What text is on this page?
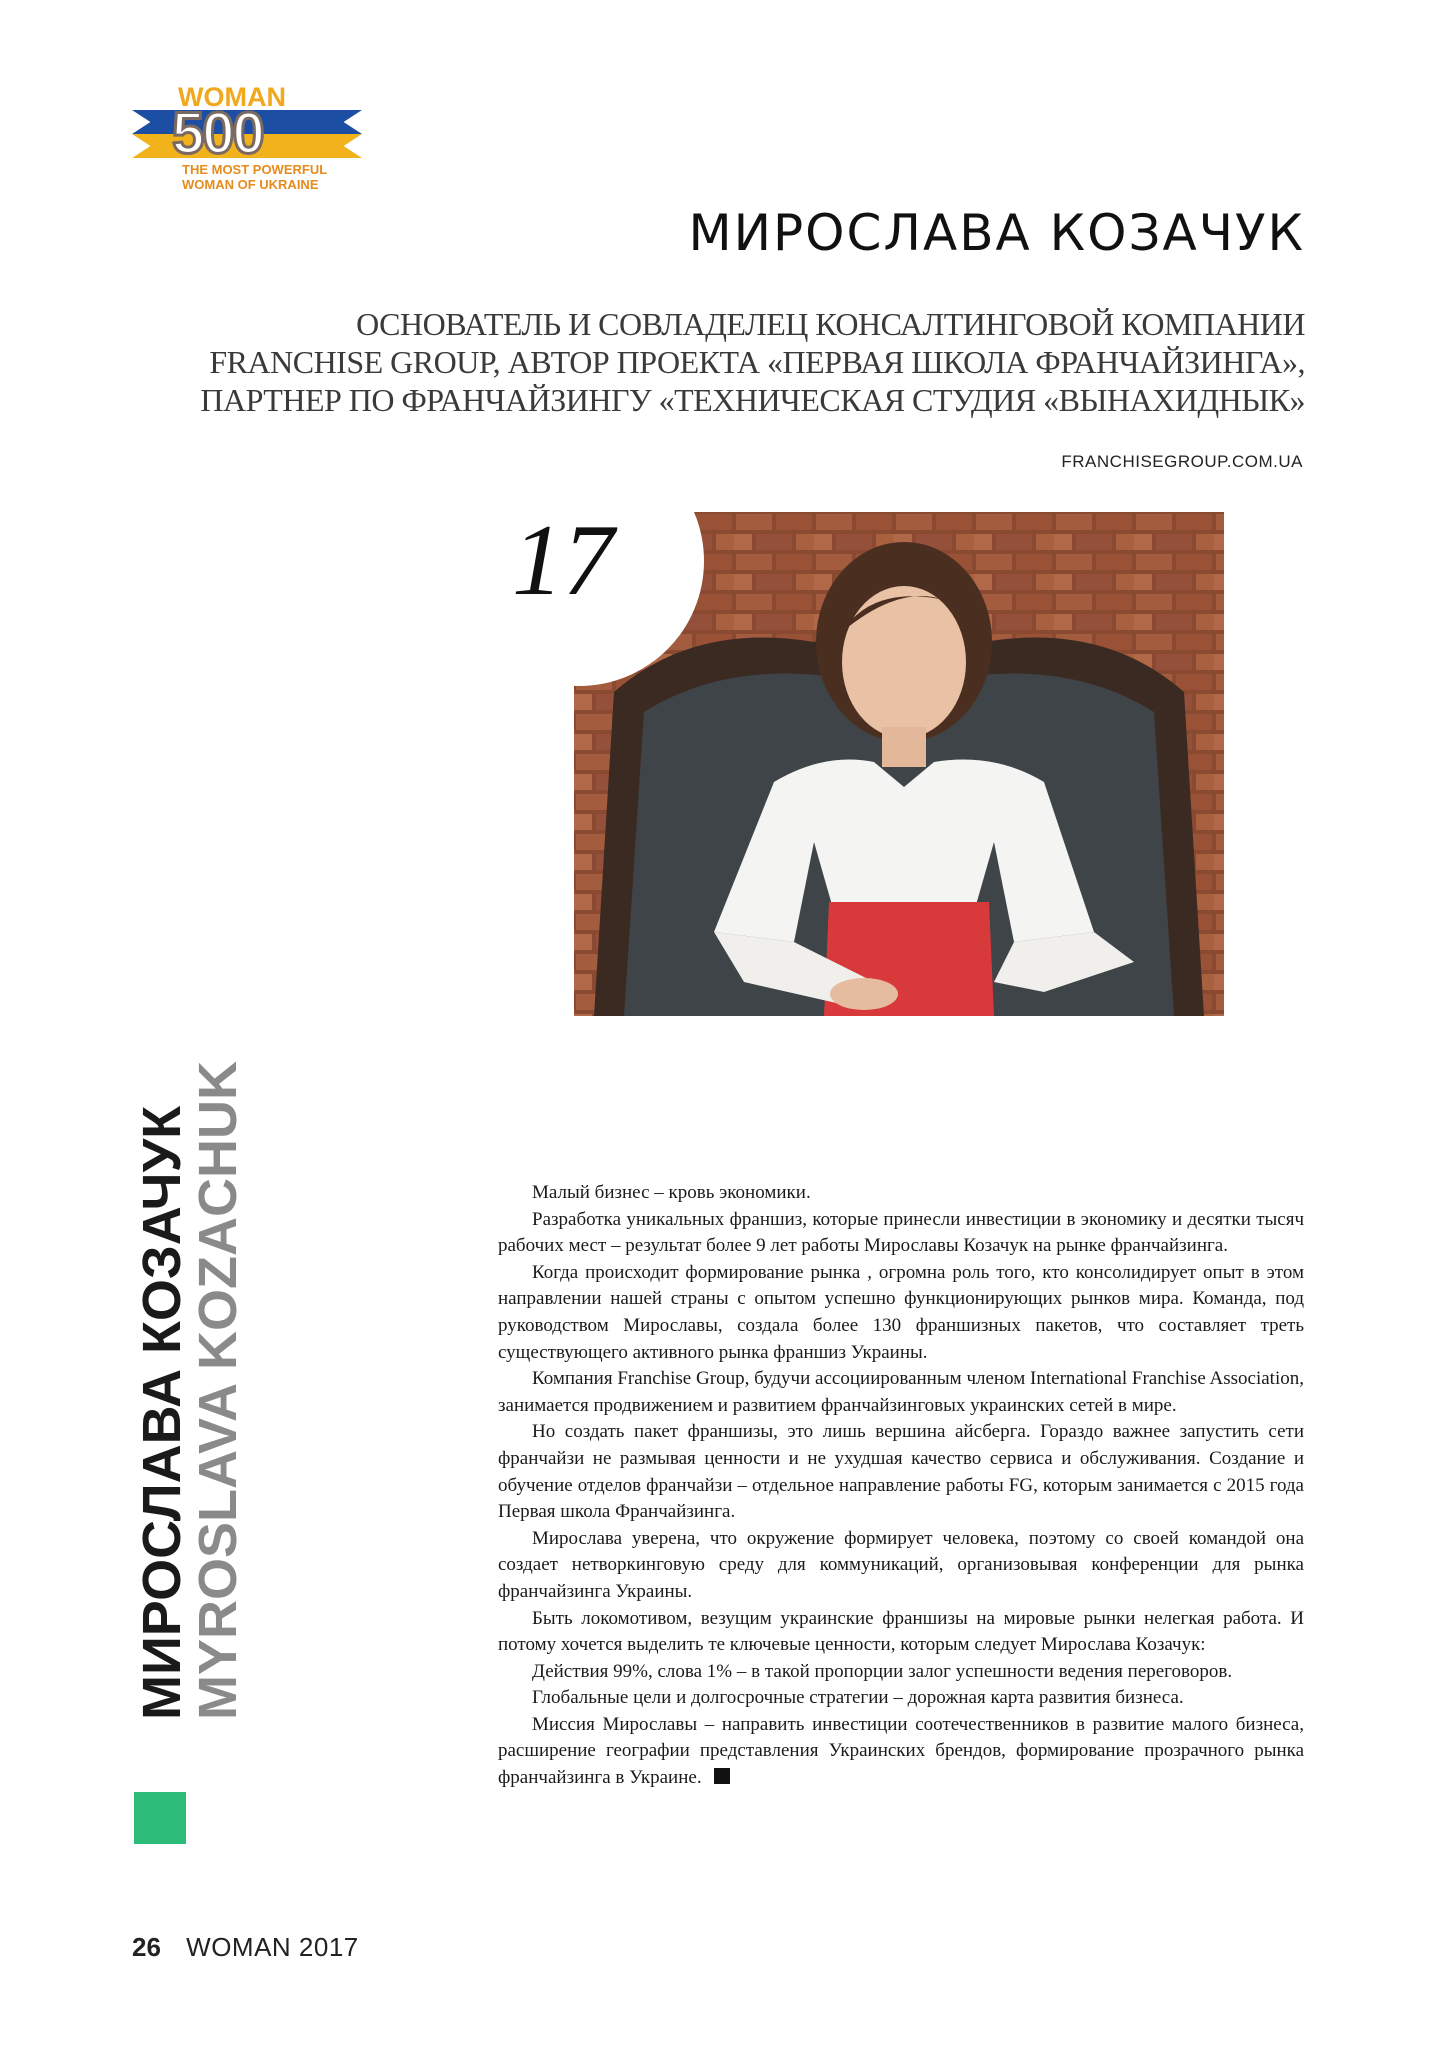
WOMAN
500
THE MOST POWERFUL
WOMAN OF UKRAINE
МИРОСЛАВА КОЗАЧУК
ОСНОВАТЕЛЬ И СОВЛАДЕЛЕЦ КОНСАЛТИНГОВОЙ КОМПАНИИ
FRANCHISE GROUP, АВТОР ПРОЕКТА «ПЕРВАЯ ШКОЛА ФРАНЧАЙЗИНГА»,
ПАРТНЕР ПО ФРАНЧАЙЗИНГУ «ТЕХНИЧЕСКАЯ СТУДИЯ «ВЫНАХИДНЫК»
FRANCHISEGROUP.COM.UA
17
МИРОСЛАВА КОЗАЧУК
MYROSLAVA KOZACHUK	Малый бизнес – кровь экономики.

Разработка уникальных франшиз, которые принесли инвестиции в экономику и десятки тысяч рабочих мест – результат более 9 лет работы Мирославы Козачук на рынке франчайзинга.

Когда происходит формирование рынка , огромна роль того, кто консолидирует опыт в этом направлении нашей страны с опытом успешно функционирующих рынков мира. Команда, под руководством Мирославы, создала более 130 франшизных пакетов, что составляет треть существующего активного рынка франшиз Украины.

Компания Franchise Group, будучи ассоциированным членом International Franchise Association, занимается продвижением и развитием франчайзинговых украинских сетей в мире.

Но создать пакет франшизы, это лишь вершина айсберга. Гораздо важнее запустить сети франчайзи не размывая ценности и не ухудшая качество сервиса и обслуживания. Создание и обучение отделов франчайзи – отдельное направление работы FG, которым занимается с 2015 года Первая школа Франчайзинга.

Мирослава уверена, что окружение формирует человека, поэтому со своей командой она создает нетворкинговую среду для коммуникаций, организовывая конференции для рынка франчайзинга Украины.

Быть локомотивом, везущим украинские франшизы на мировые рынки нелегкая работа. И потому хочется выделить те ключевые ценности, которым следует Мирослава Козачук:

Действия 99%, слова 1% – в такой пропорции залог успешности ведения переговоров.

Глобальные цели и долгосрочные стратегии – дорожная карта развития бизнеса.

Миссия Мирославы – направить инвестиции соотечественников в развитие малого бизнеса, расширение географии представления Украинских брендов, формирование прозрачного рынка франчайзинга в Украине.

26 WOMAN 2017
